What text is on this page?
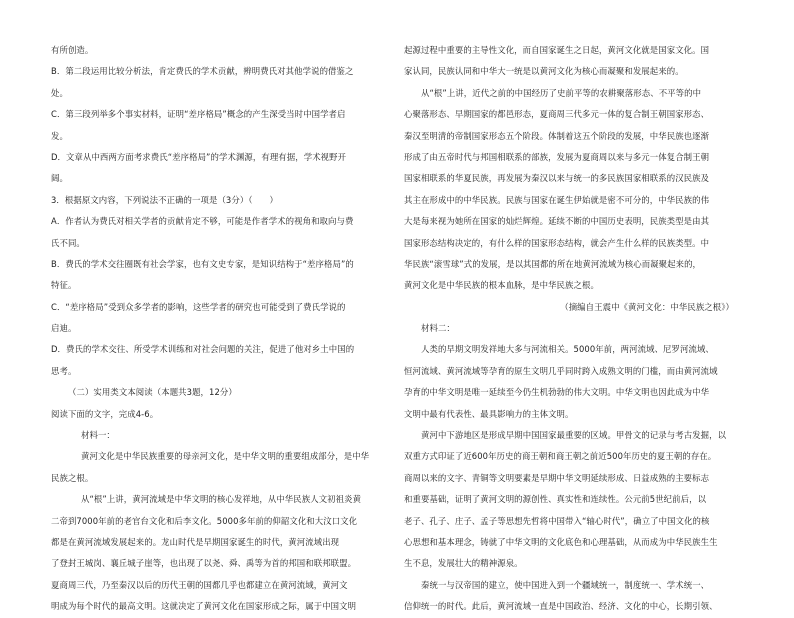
有所创造。
B．第二段运用比较分析法，肯定费氏的学术贡献，辨明费氏对其他学说的借鉴之
处。
C．第三段列举多个事实材料，证明“差序格局”概念的产生深受当时中国学者启
发。
D．文章从中西两方面考求费氏“差序格局”的学术渊源，有理有据，学术视野开
阔。
3．根据原文内容，下列说法不正确的一项是（3分）（　　）
A．作者认为费氏对相关学者的贡献肯定不够，可能是作者学术的视角和取向与费
氏不同。
B．费氏的学术交往圈既有社会学家，也有文史专家，是知识结构于“差序格局”的
特征。
C．“差序格局”受到众多学者的影响，这些学者的研究也可能受到了费氏学说的
启迪。
D．费氏的学术交往、所受学术训练和对社会问题的关注，促进了他对乡土中国的
思考。
（二）实用类文本阅读（本题共3题，12分）
阅读下面的文字，完成4-6。
材料一：
黄河文化是中华民族重要的母亲河文化，是中华文明的重要组成部分，是中华
民族之根。
从“根”上讲，黄河流域是中华文明的核心发祥地，从中华民族人文初祖炎黄
二帝到7000年前的老官台文化和后李文化。5000多年前的仰韶文化和大汶口文化
都是在黄河流域发展起来的。龙山时代是早期国家诞生的时代，黄河流域出现
了登封王城岗、襄丘城子崖等，也出现了以尧、舜、禹等为首的邦国和联邦联盟。
夏商周三代，乃至秦汉以后的历代王朝的国都几乎也都建立在黄河流域，黄河文
明成为每个时代的最高文明。这就决定了黄河文化在国家形成之际，属于中国文明
起源过程中重要的主导性文化，而自国家诞生之日起，黄河文化就是国家文化。国
家认同，民族认同和中华大一统是以黄河文化为核心而凝聚和发展起来的。
从“根”上讲，近代之前的中国经历了史前平等的农耕聚落形态、不平等的中
心聚落形态、早期国家的都邑形态，夏商周三代多元一体的复合制王朝国家形态、
秦汉至明清的帝制国家形态五个阶段。体制着这五个阶段的发展，中华民族也逐渐
形成了由五帝时代与邦国相联系的部族，发展为夏商周以来与多元一体复合制王朝
国家相联系的华夏民族，再发展为秦汉以来与统一的多民族国家相联系的汉民族及
其主在形成中的中华民族。民族与国家在诞生伊始就是密不可分的，中华民族的伟
大是每来视为她所在国家的灿烂辉煌。延续不断的中国历史表明，民族类型是由其
国家形态结构决定的，有什么样的国家形态结构，就会产生什么样的民族类型。中
华民族“滚雪球”式的发展，是以其国都的所在地黄河流域为核心而凝聚起来的，
黄河文化是中华民族的根本血脉，是中华民族之根。
（摘编自王震中《黄河文化：中华民族之根》）
材料二：
人类的早期文明发祥地大多与河流相关。5000年前，两河流域、尼罗河流域、
恒河流域、黄河流域等孕育的原生文明几乎同时跨入成熟文明的门槛，而由黄河流域
孕育的中华文明是唯一延续至今仍生机勃勃的伟大文明。中华文明也因此成为中华
文明中最有代表性、最具影响力的主体文明。
黄河中下游地区是形成早期中国国家最重要的区域。甲骨文的记录与考古发掘，以
双重方式印证了近600年历史的商王朝和商王朝之前近500年历史的夏王朝的存在。
商周以来的文字、青铜等文明要素是早期中华文明延续形成、日益成熟的主要标志
和重要基础，证明了黄河文明的源创性、真实性和连续性。公元前5世纪前后，以
老子、孔子、庄子、孟子等思想先哲将中国带入“轴心时代”，确立了中国文化的核
心思想和基本理念，铸就了中华文明的文化底色和心理基础，从而成为中华民族生生
生不息，发展壮大的精神源泉。
秦统一与汉帝国的建立，使中国进入到一个疆域统一，制度统一、学术统一、
信仰统一的时代。此后，黄河流域一直是中国政治、经济、文化的中心，长期引领、
